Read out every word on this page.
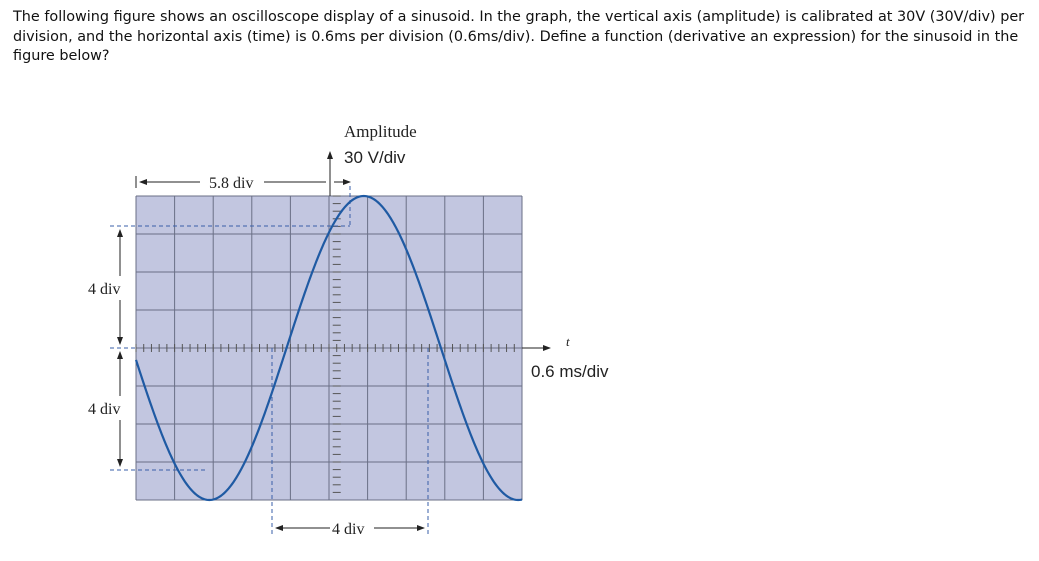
The following figure shows an oscilloscope display of a sinusoid. In the graph, the vertical axis (amplitude) is calibrated at 30V (30V/div) per division, and the horizontal axis (time) is 0.6ms per division (0.6ms/div). Define a function (derivative an expression) for the sinusoid in the figure below?
Amplitude
30 V/div
5.8 div
4 div
4 div
4 div
t
0.6 ms/div
